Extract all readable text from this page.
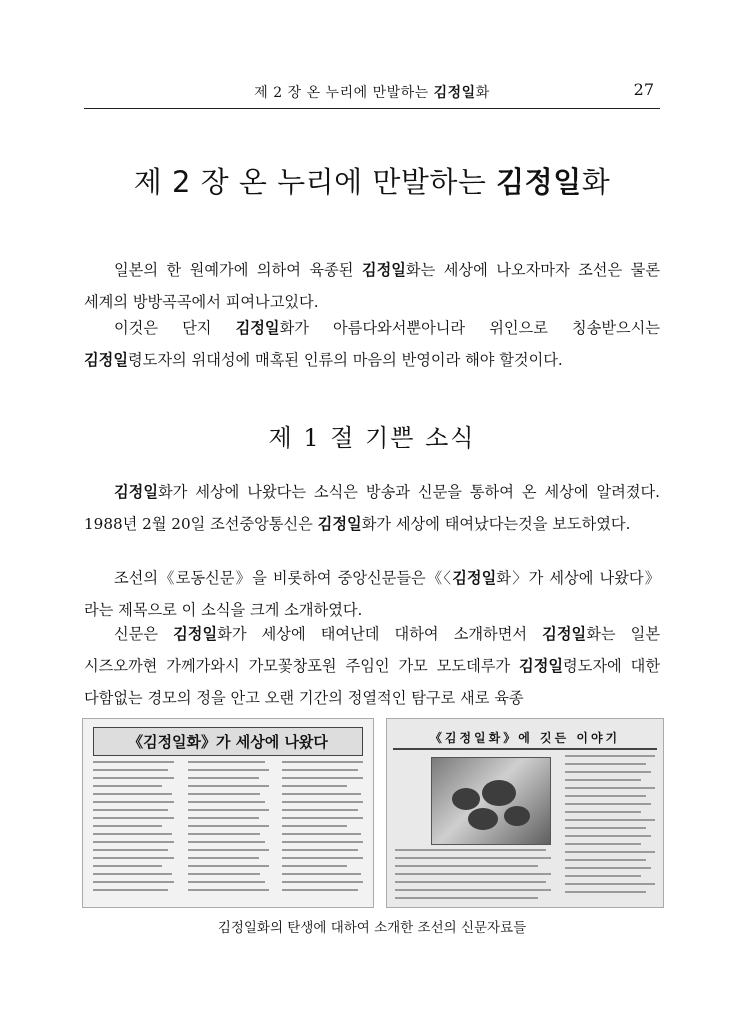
제 2 장 온 누리에 만발하는 김정일화	27
제 2 장 온 누리에 만발하는 김정일화
일본의 한 원예가에 의하여 육종된 김정일화는 세상에 나오자마자 조선은 물론 세계의 방방곡곡에서 피여나고있다.
이것은 단지 김정일화가 아름다와서뿐아니라 위인으로 칭송받으시는 김정일령도자의 위대성에 매혹된 인류의 마음의 반영이라 해야 할것이다.
제 1 절 기쁜 소식
김정일화가 세상에 나왔다는 소식은 방송과 신문을 통하여 온 세상에 알려졌다. 1988년 2월 20일 조선중앙통신은 김정일화가 세상에 태여났다는것을 보도하였다.
조선의《로동신문》을 비롯하여 중앙신문들은《〈김정일화〉가 세상에 나왔다》라는 제목으로 이 소식을 크게 소개하였다.
신문은 김정일화가 세상에 태여난데 대하여 소개하면서 김정일화는 일본 시즈오까현 가께가와시 가모꽃창포원 주임인 가모 모도데루가 김정일령도자에 대한 다함없는 경모의 정을 안고 오랜 기간의 정열적인 탐구로 새로 육종
《김정일화》가 세상에 나왔다	《김정일화》에 깃든 이야기
김정일화의 탄생에 대하여 소개한 조선의 신문자료들
